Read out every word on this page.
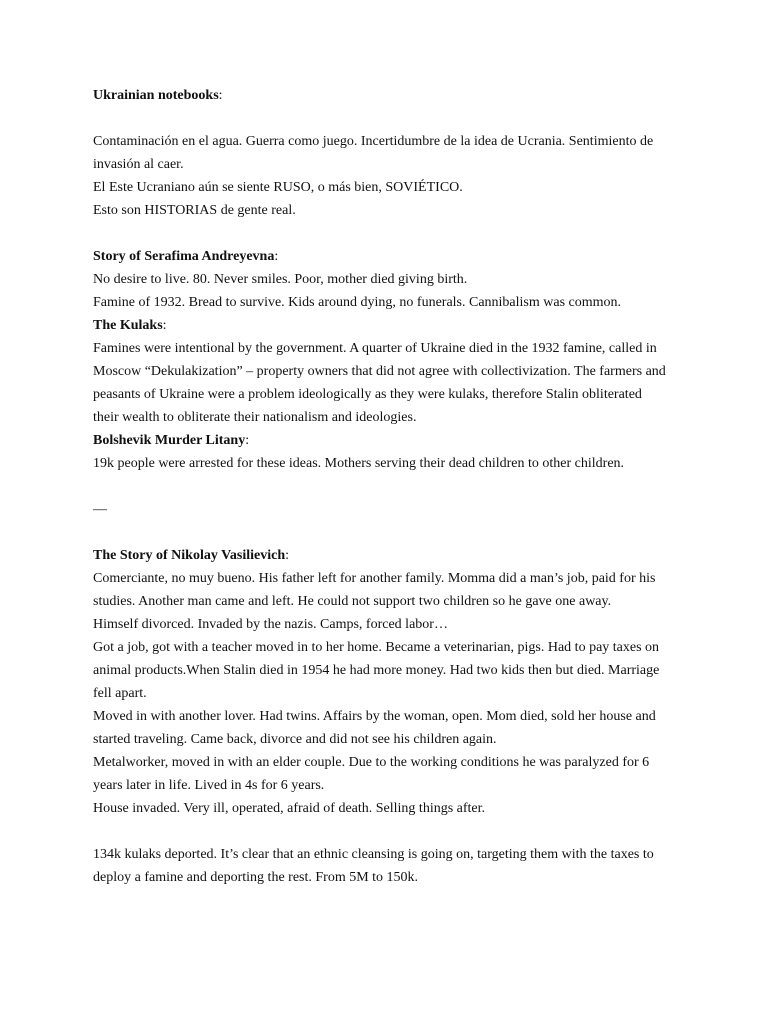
Ukrainian notebooks:

Contaminación en el agua. Guerra como juego. Incertidumbre de la idea de Ucrania. Sentimiento de

invasión al caer.

El Este Ucraniano aún se siente RUSO, o más bien, SOVIÉTICO.

Esto son HISTORIAS de gente real.

Story of Serafima Andreyevna:

No desire to live. 80. Never smiles. Poor, mother died giving birth.

Famine of 1932. Bread to survive. Kids around dying, no funerals. Cannibalism was common.

The Kulaks:

Famines were intentional by the government. A quarter of Ukraine died in the 1932 famine, called in

Moscow “Dekulakization” – property owners that did not agree with collectivization. The farmers and

peasants of Ukraine were a problem ideologically as they were kulaks, therefore Stalin obliterated

their wealth to obliterate their nationalism and ideologies.

Bolshevik Murder Litany:

19k people were arrested for these ideas. Mothers serving their dead children to other children.

—

The Story of Nikolay Vasilievich:

Comerciante, no muy bueno. His father left for another family. Momma did a man’s job, paid for his

studies. Another man came and left. He could not support two children so he gave one away.

Himself divorced. Invaded by the nazis. Camps, forced labor…

Got a job, got with a teacher moved in to her home. Became a veterinarian, pigs. Had to pay taxes on

animal products.When Stalin died in 1954 he had more money. Had two kids then but died. Marriage

fell apart.

Moved in with another lover. Had twins. Affairs by the woman, open. Mom died, sold her house and

started traveling. Came back, divorce and did not see his children again.

Metalworker, moved in with an elder couple. Due to the working conditions he was paralyzed for 6

years later in life. Lived in 4s for 6 years.

House invaded. Very ill, operated, afraid of death. Selling things after.

134k kulaks deported. It’s clear that an ethnic cleansing is going on, targeting them with the taxes to

deploy a famine and deporting the rest. From 5M to 150k.
